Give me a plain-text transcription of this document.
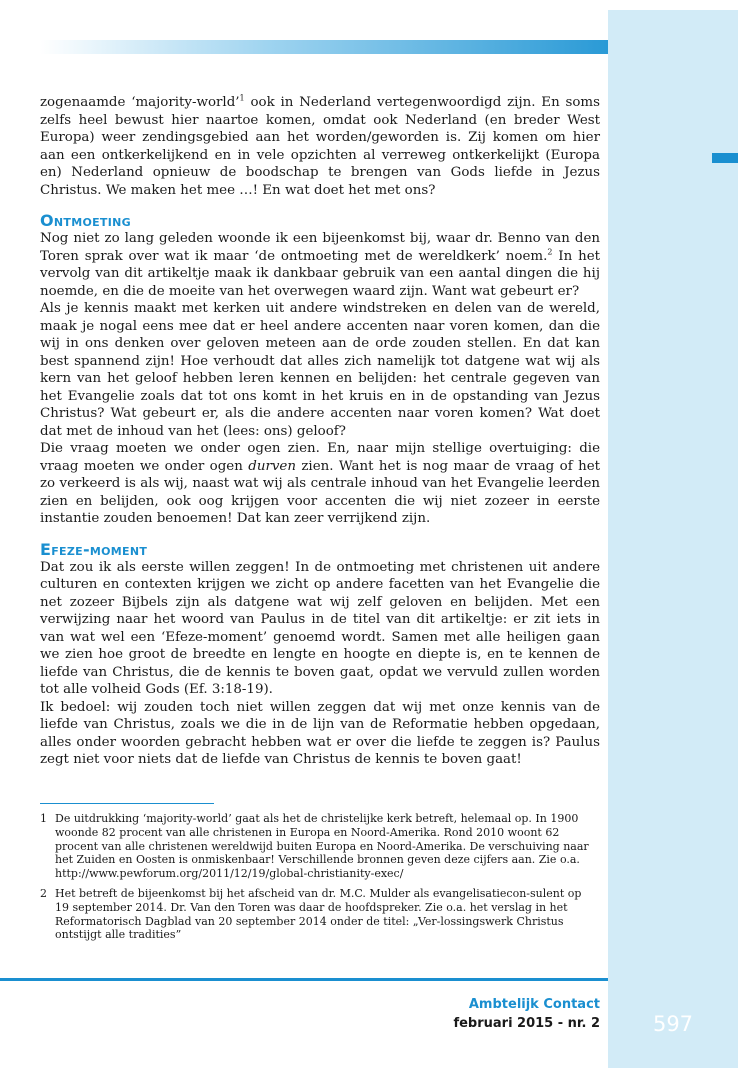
zogenaamde ‘majority-world’$^1$ ook in Nederland vertegenwoordigd zijn. En soms zelfs heel bewust hier naartoe komen, omdat ook Nederland (en breder West Europa) weer zendingsgebied aan het worden/geworden is. Zij komen om hier aan een ontkerkelijkend en in vele opzichten al verreweg ontkerkelijkt (Europa en) Nederland opnieuw de boodschap te brengen van Gods liefde in Jezus Christus. We maken het mee …! En wat doet het met ons?

Ontmoeting

Nog niet zo lang geleden woonde ik een bijeenkomst bij, waar dr. Benno van den Toren sprak over wat ik maar ‘de ontmoeting met de wereldkerk’ noem.$^2$ In het vervolg van dit artikeltje maak ik dankbaar gebruik van een aantal dingen die hij noemde, en die de moeite van het overwegen waard zijn. Want wat gebeurt er?

Als je kennis maakt met kerken uit andere windstreken en delen van de wereld, maak je nogal eens mee dat er heel andere accenten naar voren komen, dan die wij in ons denken over geloven meteen aan de orde zouden stellen. En dat kan best spannend zijn! Hoe verhoudt dat alles zich namelijk tot datgene wat wij als kern van het geloof hebben leren kennen en belijden: het centrale gegeven van het Evangelie zoals dat tot ons komt in het kruis en in de opstanding van Jezus Christus? Wat gebeurt er, als die andere accenten naar voren komen? Wat doet dat met de inhoud van het (lees: ons) geloof?

Die vraag moeten we onder ogen zien. En, naar mijn stellige overtuiging: die vraag moeten we onder ogen durven zien. Want het is nog maar de vraag of het zo verkeerd is als wij, naast wat wij als centrale inhoud van het Evangelie leerden zien en belijden, ook oog krijgen voor accenten die wij niet zozeer in eerste instantie zouden benoemen! Dat kan zeer verrijkend zijn.

Efeze-moment

Dat zou ik als eerste willen zeggen! In de ontmoeting met christenen uit andere culturen en contexten krijgen we zicht op andere facetten van het Evangelie die net zozeer Bijbels zijn als datgene wat wij zelf geloven en belijden. Met een verwijzing naar het woord van Paulus in de titel van dit artikeltje: er zit iets in van wat wel een ‘Efeze-moment’ genoemd wordt. Samen met alle heiligen gaan we zien hoe groot de breedte en lengte en hoogte en diepte is, en te kennen de liefde van Christus, die de kennis te boven gaat, opdat we vervuld zullen worden tot alle volheid Gods (Ef. 3:18-19).

Ik bedoel: wij zouden toch niet willen zeggen dat wij met onze kennis van de liefde van Christus, zoals we die in de lijn van de Reformatie hebben opgedaan, alles onder woorden gebracht hebben wat er over die liefde te zeggen is? Paulus zegt niet voor niets dat de liefde van Christus de kennis te boven gaat!

1 De uitdrukking ‘majority-world’ gaat als het de christelijke kerk betreft, helemaal op. In 1900 woonde 82 procent van alle christenen in Europa en Noord-Amerika. Rond 2010 woont 62 procent van alle christenen wereldwijd buiten Europa en Noord-Amerika. De verschuiving naar het Zuiden en Oosten is onmiskenbaar! Verschillende bronnen geven deze cijfers aan. Zie o.a. http://www.pewforum.org/2011/12/19/global-christianity-exec/
2 Het betreft de bijeenkomst bij het afscheid van dr. M.C. Mulder als evangelisatiecon-sulent op 19 september 2014. Dr. Van den Toren was daar de hoofdspreker. Zie o.a. het verslag in het Reformatorisch Dagblad van 20 september 2014 onder de titel: „Ver-lossingswerk Christus ontstijgt alle tradities”
Ambtelijk Contact
februari 2015 - nr. 2	597
